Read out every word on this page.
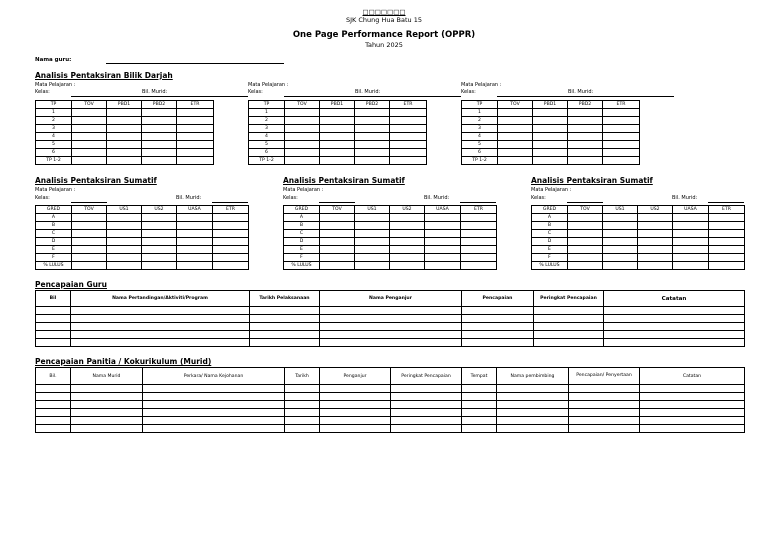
□□□□□□□
SJK Chung Hua Batu 15
One Page Performance Report (OPPR)
Tahun 2025
Nama guru:
Analisis Pentaksiran Bilik Darjah
Mata Pelajaran :
Kelas:	Bil. Murid:
TP	TOV	PBD1	PBD2	ETR
1				
2				
3				
4				
5				
6				
TP 1-2				
Mata Pelajaran :
Kelas:	Bil. Murid:
TP	TOV	PBD1	PBD2	ETR
1				
2				
3				
4				
5				
6				
TP 1-2				
Mata Pelajaran :
Kelas:	Bil. Murid:
TP	TOV	PBD1	PBD2	ETR
1				
2				
3				
4				
5				
6				
TP 1-2				
Analisis Pentaksiran Sumatif
Mata Pelajaran :
Kelas:	Bil. Murid:
GRED	TOV	US1	US2	UASA	ETR
A					
B					
C					
D					
E					
F					
% LULUS					
Analisis Pentaksiran Sumatif
Mata Pelajaran :
Kelas:	Bil. Murid:
GRED	TOV	US1	US2	UASA	ETR
A					
B					
C					
D					
E					
F					
% LULUS					
Analisis Pentaksiran Sumatif
Mata Pelajaran :
Kelas:	Bil. Murid:
GRED	TOV	US1	US2	UASA	ETR
A					
B					
C					
D					
E					
F					
% LULUS					
Pencapaian Guru
Bil	Nama Pertandingan/Aktiviti/Program	Tarikh Pelaksanaan	Nama Penganjur	Pencapaian	Peringkat Pencapaian	Catatan

Pencapaian Panitia / Kokurikulum (Murid)
Bil.	Nama Murid	Perkara/ Nama Kejohanan	Tarikh	Penganjur	Peringkat Pencapaian	Tempat	Nama pembimbing	Pencapaian/ Penyertaan	Catatan
